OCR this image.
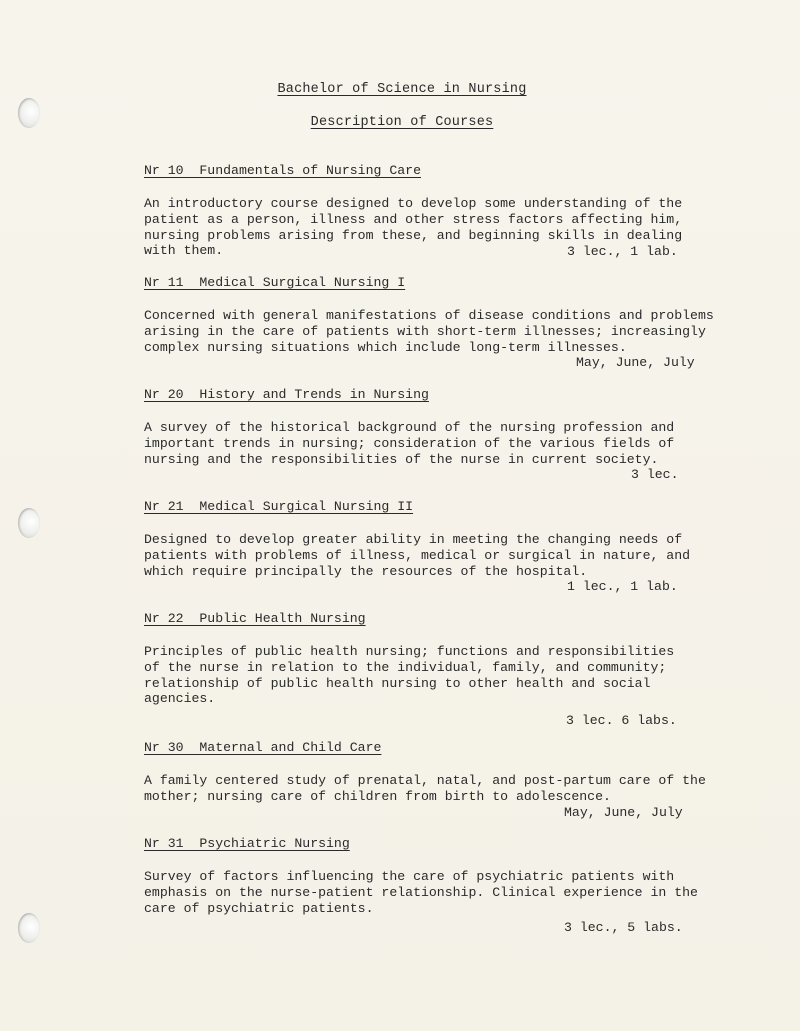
Bachelor of Science in Nursing
Description of Courses
Nr 10  Fundamentals of Nursing Care
An introductory course designed to develop some understanding of the
patient as a person, illness and other stress factors affecting him,
nursing problems arising from these, and beginning skills in dealing
with them.	3 lec., 1 lab.
Nr 11  Medical Surgical Nursing I
Concerned with general manifestations of disease conditions and problems
arising in the care of patients with short-term illnesses; increasingly
complex nursing situations which include long-term illnesses.
May, June, July
Nr 20  History and Trends in Nursing
A survey of the historical background of the nursing profession and
important trends in nursing; consideration of the various fields of
nursing and the responsibilities of the nurse in current society.
3 lec.
Nr 21  Medical Surgical Nursing II
Designed to develop greater ability in meeting the changing needs of
patients with problems of illness, medical or surgical in nature, and
which require principally the resources of the hospital.
1 lec., 1 lab.
Nr 22  Public Health Nursing
Principles of public health nursing; functions and responsibilities
of the nurse in relation to the individual, family, and community;
relationship of public health nursing to other health and social
agencies.
3 lec. 6 labs.
Nr 30  Maternal and Child Care
A family centered study of prenatal, natal, and post-partum care of the
mother; nursing care of children from birth to adolescence.
May, June, July
Nr 31  Psychiatric Nursing
Survey of factors influencing the care of psychiatric patients with
emphasis on the nurse-patient relationship. Clinical experience in the
care of psychiatric patients.
3 lec., 5 labs.
